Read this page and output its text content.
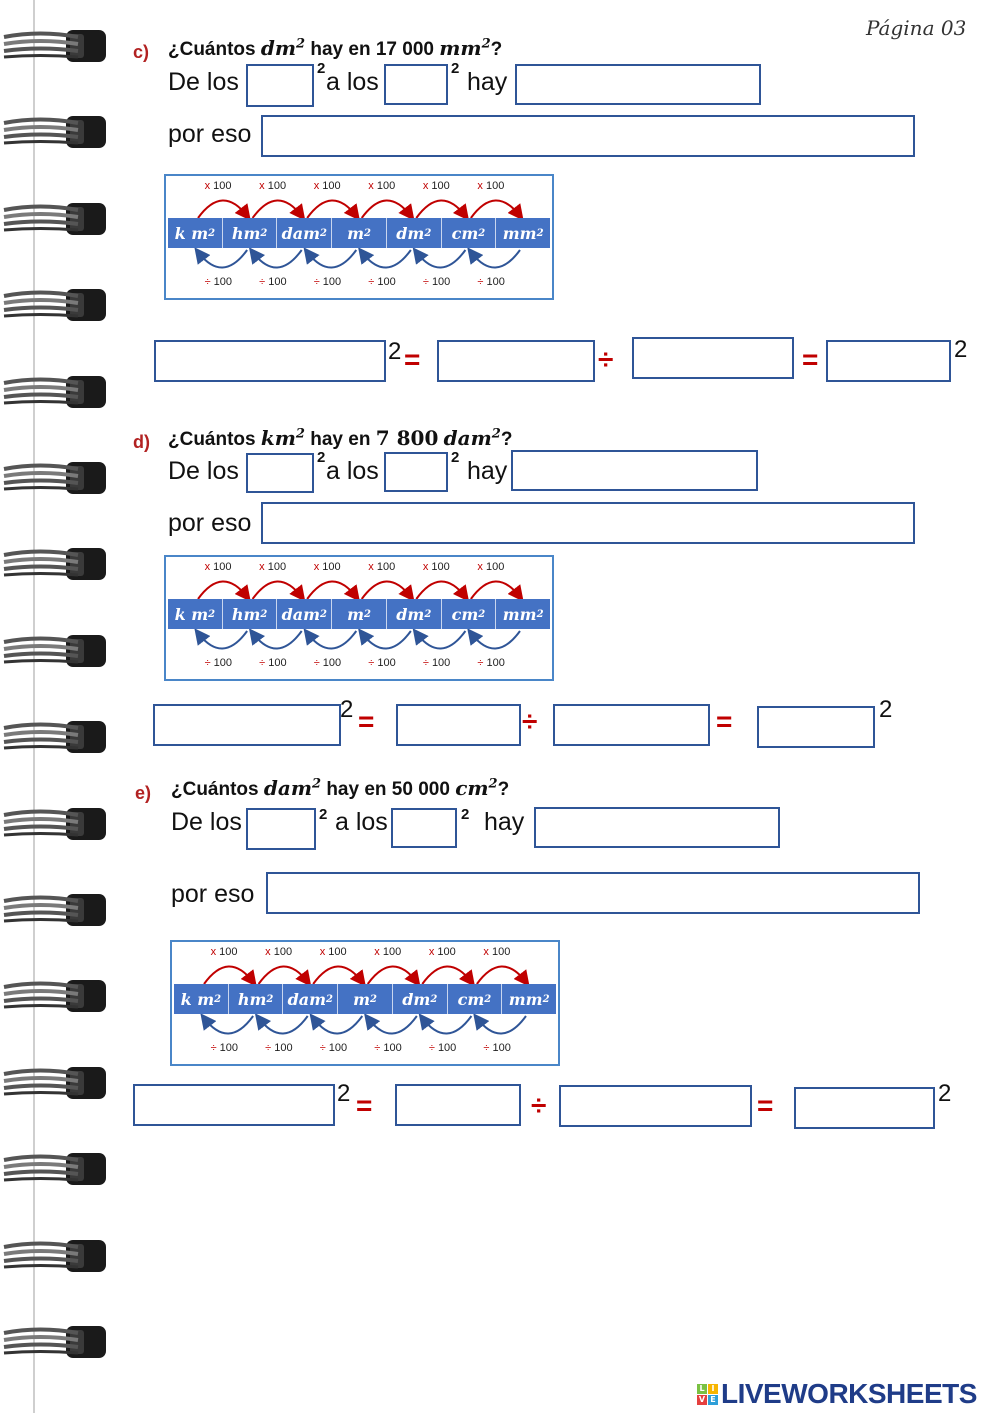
Página 03
c) ¿Cuántos $dm^2$ hay en 17 000 $mm^2$?
De los	2 a los	2 hay
por eso
k m 2 hm 2 dam 2 m 2 dm 2 cm 2 mm 2
x 100
÷ 100
x 100
÷ 100
x 100
÷ 100
x 100
÷ 100
x 100
÷ 100
x 100
÷ 100
2 =	÷	=	2
d) ¿Cuántos $km^2$ hay en 7 800 dam$^2$?
De los	2 a los	2 hay
por eso
k m 2 hm 2 dam 2 m 2 dm 2 cm 2 mm 2
x 100
÷ 100
x 100
÷ 100
x 100
÷ 100
x 100
÷ 100
x 100
÷ 100
x 100
÷ 100
2 =	÷	=	2
e) ¿Cuántos dam$^2$ hay en 50 000 $cm^2$?
De los	2 a los	2 hay
por eso
k m 2 hm 2 dam 2 m 2 dm 2 cm 2 mm 2
x 100
÷ 100
x 100
÷ 100
x 100
÷ 100
x 100
÷ 100
x 100
÷ 100
x 100
÷ 100
2 =	÷	=	2
L I
V E LIVEWORKSHEETS
